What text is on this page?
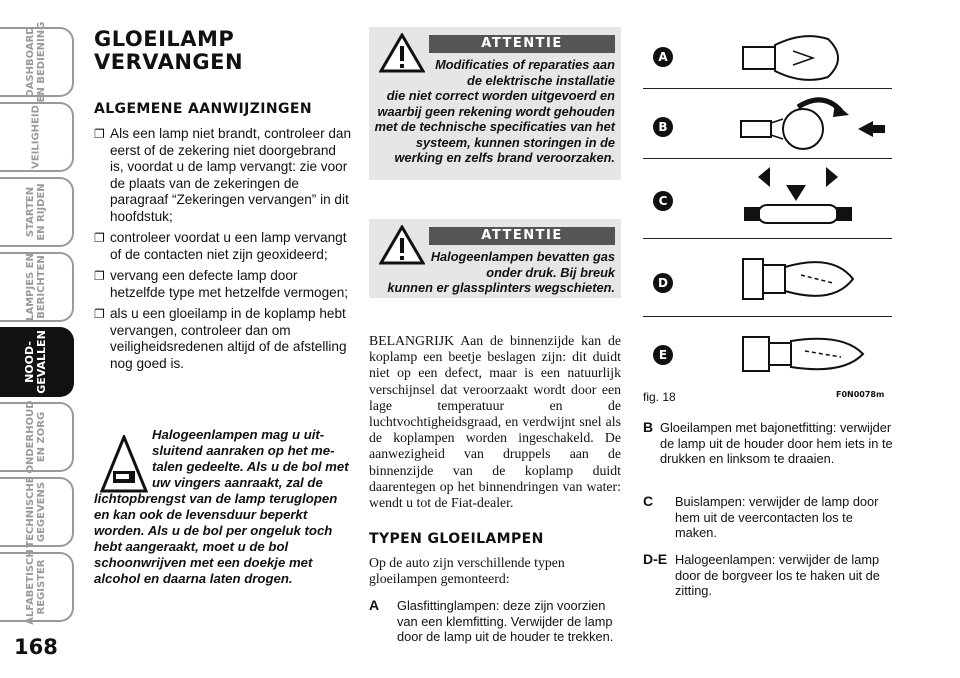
DASHBOARD
EN BEDIENING
VEILIGHEID
STARTEN
EN RIJDEN
LAMPJES EN
BERICHTEN
NOOD-
GEVALLEN
ONDERHOUD
EN ZORG
TECHNISCHE
GEGEVENS
ALFABETISCH
REGISTER
168
GLOEILAMP
VERVANGEN
ALGEMENE AANWIJZINGEN
❐ Als een lamp niet brandt, controleer dan eerst of de zekering niet doorgebrand is, voordat u de lamp vervangt: zie voor de plaats van de zekeringen de paragraaf “Zekeringen vervangen” in dit hoofdstuk;
❐ controleer voordat u een lamp vervangt of de contacten niet zijn geoxideerd;
❐ vervang een defecte lamp door hetzelfde type met hetzelfde vermogen;
❐ als u een gloeilamp in de koplamp hebt vervangen, controleer dan om veiligheidsredenen altijd of de afstelling nog goed is.
Halogeenlampen mag u uit-
sluitend aanraken op het me-
talen gedeelte. Als u de bol met
uw vingers aanraakt, zal de
lichtopbrengst van de lamp teruglopen en kan ook de levensduur beperkt worden. Als u de bol per ongeluk toch hebt aangeraakt, moet u de bol schoonwrijven met een doekje met alcohol en daarna laten drogen.
ATTENTIE
Modificaties of reparaties aan de elektrische installatie
die niet correct worden uitgevoerd en waarbij geen rekening wordt gehouden met de technische specificaties van het systeem, kunnen storingen in de werking en zelfs brand veroorzaken.
ATTENTIE
Halogeenlampen bevatten gas onder druk. Bij breuk
kunnen er glassplinters wegschieten.
BELANGRIJK Aan de binnenzijde kan de koplamp een beetje beslagen zijn: dit duidt niet op een defect, maar is een natuurlijk verschijnsel dat veroorzaakt wordt door een lage temperatuur en de luchtvochtigheidsgraad, en verdwijnt snel als de koplampen worden ingeschakeld. De aanwezigheid van druppels aan de binnenzijde van de koplamp duidt daarentegen op het binnendringen van water: wendt u tot de Fiat-dealer.
TYPEN GLOEILAMPEN
Op de auto zijn verschillende typen gloeilampen gemonteerd:
A	Glasfittinglampen: deze zijn voorzien van een klemfitting. Verwijder de lamp door de lamp uit de houder te trekken.
A
B
C
D
E
fig. 18	F0N0078m
B Gloeilampen met bajonetfitting: verwijder de lamp uit de houder door hem iets in te drukken en linksom te draaien.
C	Buislampen: verwijder de lamp door hem uit de veercontacten los te maken.
D-E Halogeenlampen: verwijder de lamp door de borgveer los te haken uit de zitting.
